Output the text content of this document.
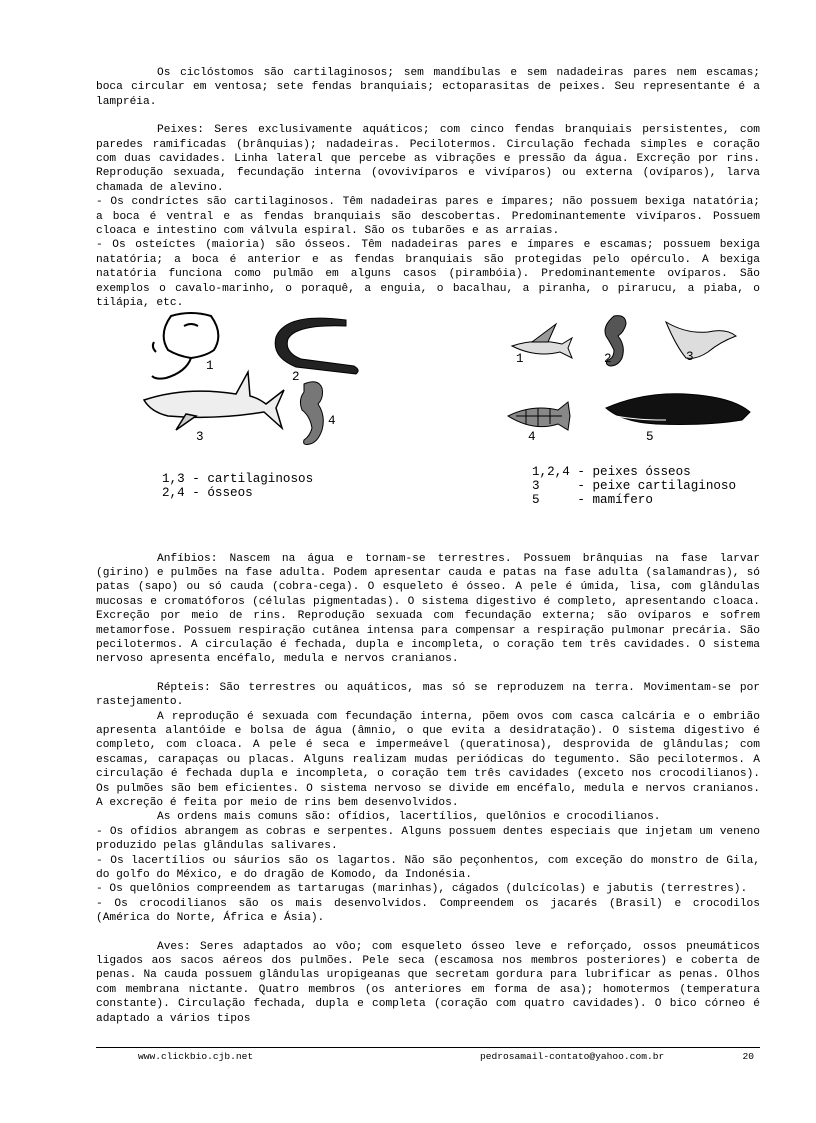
Os ciclóstomos são cartilaginosos; sem mandíbulas e sem nadadeiras pares nem escamas; boca circular em ventosa; sete fendas branquiais; ectoparasitas de peixes. Seu representante é a lampréia.

Peixes: Seres exclusivamente aquáticos; com cinco fendas branquiais persistentes, com paredes ramificadas (brânquias); nadadeiras. Pecilotermos. Circulação fechada simples e coração com duas cavidades. Linha lateral que percebe as vibrações e pressão da água. Excreção por rins. Reprodução sexuada, fecundação interna (ovovivíparos e vivíparos) ou externa (ovíparos), larva chamada de alevino.

- Os condríctes são cartilaginosos. Têm nadadeiras pares e ímpares; não possuem bexiga natatória; a boca é ventral e as fendas branquiais são descobertas. Predominantemente vivíparos. Possuem cloaca e intestino com válvula espiral. São os tubarões e as arraias.

- Os osteíctes (maioria) são ósseos. Têm nadadeiras pares e ímpares e escamas; possuem bexiga natatória; a boca é anterior e as fendas branquiais são protegidas pelo opérculo. A bexiga natatória funciona como pulmão em alguns casos (pirambóia). Predominantemente ovíparos. São exemplos o cavalo-marinho, o poraquê, a enguia, o bacalhau, a piranha, o pirarucu, a piaba, o tilápia, etc.

1
2
3
4
1	2	3
4	5
1,3 - cartilaginosos
2,4 - ósseos
1,2,4 - peixes ósseos
3     - peixe cartilaginoso
5     - mamífero

Anfíbios: Nascem na água e tornam-se terrestres. Possuem brânquias na fase larvar (girino) e pulmões na fase adulta. Podem apresentar cauda e patas na fase adulta (salamandras), só patas (sapo) ou só cauda (cobra-cega). O esqueleto é ósseo. A pele é úmida, lisa, com glândulas mucosas e cromatóforos (células pigmentadas). O sistema digestivo é completo, apresentando cloaca. Excreção por meio de rins. Reprodução sexuada com fecundação externa; são ovíparos e sofrem metamorfose. Possuem respiração cutânea intensa para compensar a respiração pulmonar precária. São pecilotermos. A circulação é fechada, dupla e incompleta, o coração tem três cavidades. O sistema nervoso apresenta encéfalo, medula e nervos cranianos.

Répteis: São terrestres ou aquáticos, mas só se reproduzem na terra. Movimentam-se por rastejamento.

A reprodução é sexuada com fecundação interna, põem ovos com casca calcária e o embrião apresenta alantóide e bolsa de água (âmnio, o que evita a desidratação). O sistema digestivo é completo, com cloaca. A pele é seca e impermeável (queratinosa), desprovida de glândulas; com escamas, carapaças ou placas. Alguns realizam mudas periódicas do tegumento. São pecilotermos. A circulação é fechada dupla e incompleta, o coração tem três cavidades (exceto nos crocodilianos). Os pulmões são bem eficientes. O sistema nervoso se divide em encéfalo, medula e nervos cranianos. A excreção é feita por meio de rins bem desenvolvidos.

As ordens mais comuns são: ofídios, lacertílios, quelônios e crocodilianos.

- Os ofídios abrangem as cobras e serpentes. Alguns possuem dentes especiais que injetam um veneno produzido pelas glândulas salivares.

- Os lacertílios ou sáurios são os lagartos. Não são peçonhentos, com exceção do monstro de Gila, do golfo do México, e do dragão de Komodo, da Indonésia.

- Os quelônios compreendem as tartarugas (marinhas), cágados (dulcícolas) e jabutis (terrestres).

- Os crocodilianos são os mais desenvolvidos. Compreendem os jacarés (Brasil) e crocodilos (América do Norte, África e Ásia).

Aves: Seres adaptados ao vôo; com esqueleto ósseo leve e reforçado, ossos pneumáticos ligados aos sacos aéreos dos pulmões. Pele seca (escamosa nos membros posteriores) e coberta de penas. Na cauda possuem glândulas uropigeanas que secretam gordura para lubrificar as penas. Olhos com membrana nictante. Quatro membros (os anteriores em forma de asa); homotermos (temperatura constante). Circulação fechada, dupla e completa (coração com quatro cavidades). O bico córneo é adaptado a vários tipos

www.clickbio.cjb.net	pedrosamail-contato@yahoo.com.br	20
